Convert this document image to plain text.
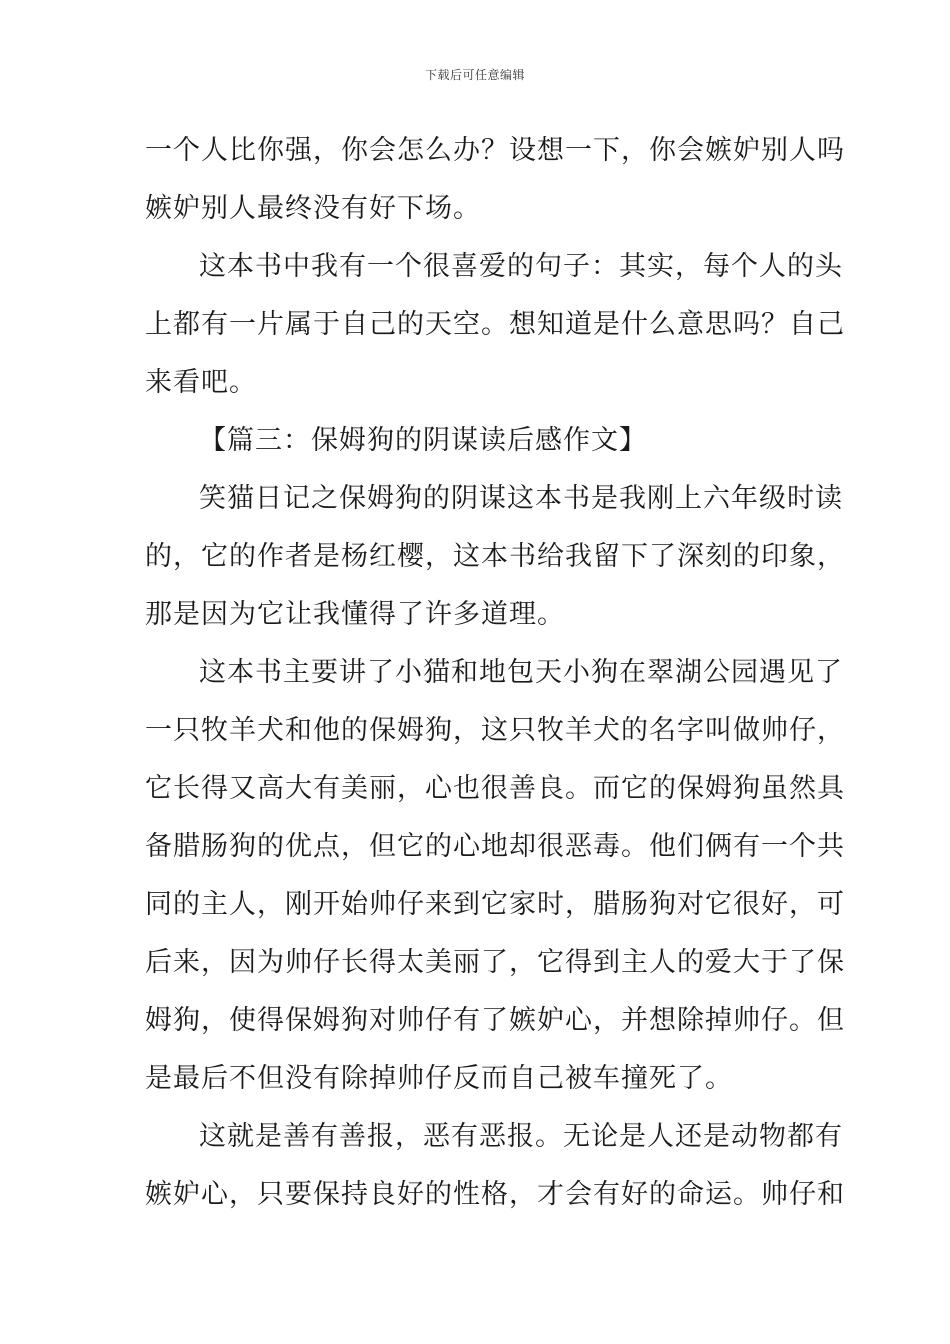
下载后可任意编辑
一个人比你强，你会怎么办？设想一下，你会嫉妒别人吗
嫉妒别人最终没有好下场。
这本书中我有一个很喜爱的句子：其实，每个人的头
上都有一片属于自己的天空。想知道是什么意思吗？自己
来看吧。
【篇三：保姆狗的阴谋读后感作文】
笑猫日记之保姆狗的阴谋这本书是我刚上六年级时读
的，它的作者是杨红樱，这本书给我留下了深刻的印象，
那是因为它让我懂得了许多道理。
这本书主要讲了小猫和地包天小狗在翠湖公园遇见了
一只牧羊犬和他的保姆狗，这只牧羊犬的名字叫做帅仔，
它长得又高大有美丽，心也很善良。而它的保姆狗虽然具
备腊肠狗的优点，但它的心地却很恶毒。他们俩有一个共
同的主人，刚开始帅仔来到它家时，腊肠狗对它很好，可
后来，因为帅仔长得太美丽了，它得到主人的爱大于了保
姆狗，使得保姆狗对帅仔有了嫉妒心，并想除掉帅仔。但
是最后不但没有除掉帅仔反而自己被车撞死了。
这就是善有善报，恶有恶报。无论是人还是动物都有
嫉妒心，只要保持良好的性格，才会有好的命运。帅仔和
